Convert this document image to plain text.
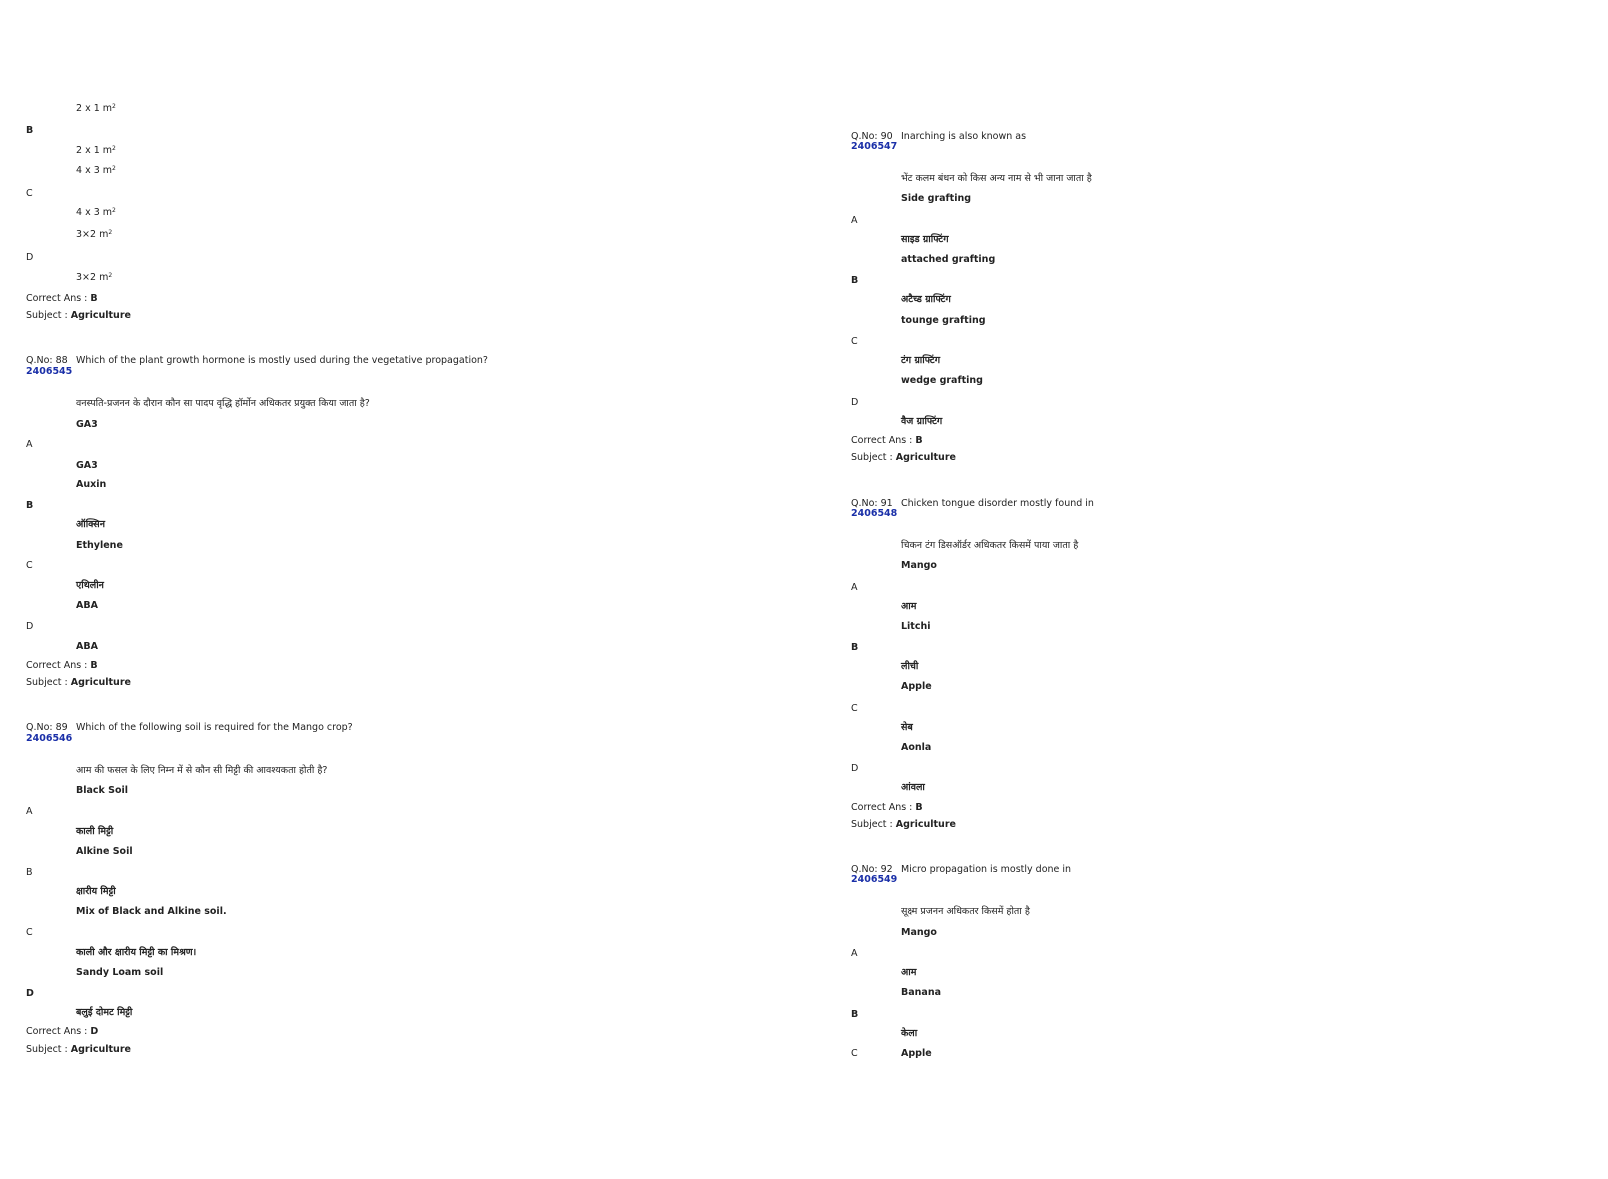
2 x 1 $m^2$
B
2 x 1 $m^2$
4 x 3 $m^2$
C
4 x 3 $m^2$
3×2 $m^2$
D
3×2 $m^2$
Correct Ans : B
Subject : Agriculture
Q.No: 88 Which of the plant growth hormone is mostly used during the vegetative propagation?
2406545
वनस्पति-प्रजनन के दौरान कौन सा पादप वृद्धि हॉर्मोन अधिकतर प्रयुक्त किया जाता है?
GA3
A
GA3
Auxin
B
ऑक्सिन
Ethylene
C
एथिलीन
ABA
D
ABA
Correct Ans : B
Subject : Agriculture
Q.No: 89 Which of the following soil is required for the Mango crop?
2406546
आम की फसल के लिए निम्न में से कौन सी मिट्टी की आवश्यकता होती है?
Black Soil
A
काली मिट्टी
Alkine Soil
B
क्षारीय मिट्टी
Mix of Black and Alkine soil.
C
काली और क्षारीय मिट्टी का मिश्रण।
Sandy Loam soil
D
बलुई दोमट मिट्टी
Correct Ans : D
Subject : Agriculture
Q.No: 90 Inarching is also known as
2406547
भेंट कलम बंधन को किस अन्य नाम से भी जाना जाता है
Side grafting
A
साइड ग्राफ्टिंग
attached grafting
B
अटैच्ड ग्राफ्टिंग
tounge grafting
C
टंग ग्राफ्टिंग
wedge grafting
D
वैज ग्राफ्टिंग
Correct Ans : B
Subject : Agriculture
Q.No: 91 Chicken tongue disorder mostly found in
2406548
चिकन टंग डिसऑर्डर अधिकतर किसमें पाया जाता है
Mango
A
आम
Litchi
B
लीची
Apple
C
सेब
Aonla
D
आंवला
Correct Ans : B
Subject : Agriculture
Q.No: 92 Micro propagation is mostly done in
2406549
सूक्ष्म प्रजनन अधिकतर किसमें होता है
Mango
A
आम
Banana
B
केला
C	Apple
